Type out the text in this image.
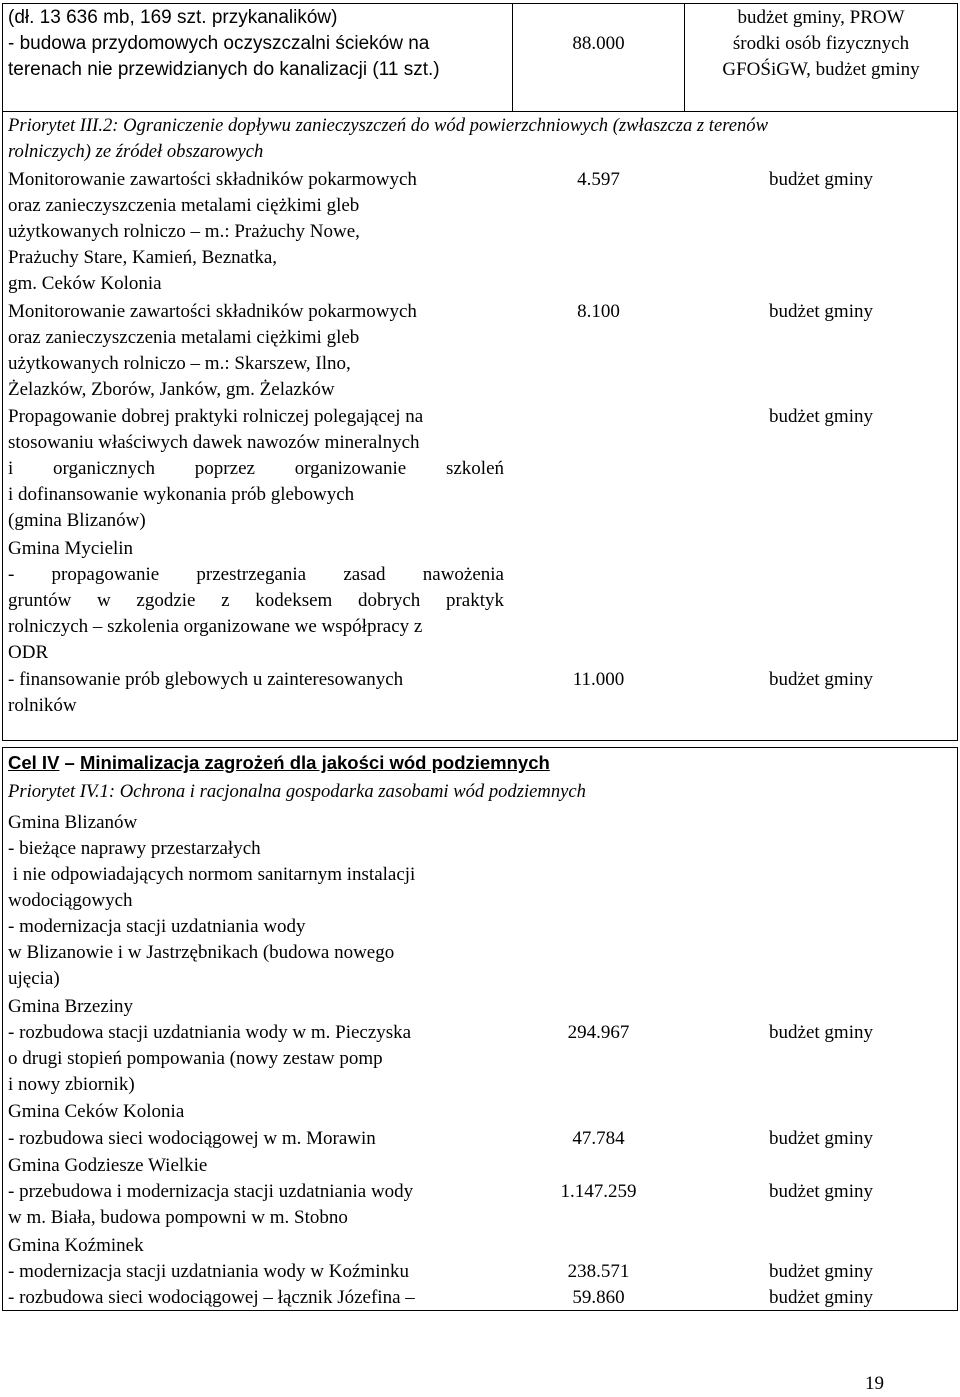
(dł. 13 636 mb, 169 szt. przykanalików)
- budowa przydomowych oczyszczalni ścieków na
terenach nie przewidzianych do kanalizacji (11 szt.)
88.000
budżet gminy, PROW
środki osób fizycznych
GFOŚiGW, budżet gminy
Priorytet III.2: Ograniczenie dopływu zanieczyszczeń do wód powierzchniowych (zwłaszcza z terenów
rolniczych) ze źródeł obszarowych
Monitorowanie zawartości składników pokarmowych
oraz zanieczyszczenia metalami ciężkimi gleb
użytkowanych rolniczo – m.: Prażuchy Nowe,
Prażuchy Stare, Kamień, Beznatka,
gm. Ceków Kolonia
4.597	budżet gminy
Monitorowanie zawartości składników pokarmowych
oraz zanieczyszczenia metalami ciężkimi gleb
użytkowanych rolniczo – m.: Skarszew, Ilno,
Żelazków, Zborów, Janków, gm. Żelazków
8.100	budżet gminy
Propagowanie dobrej praktyki rolniczej polegającej na
stosowaniu właściwych dawek nawozów mineralnych
i organicznych poprzez organizowanie szkoleń
i dofinansowanie wykonania prób glebowych
(gmina Blizanów)
budżet gminy
Gmina Mycielin
- propagowanie przestrzegania zasad nawożenia
gruntów w zgodzie z kodeksem dobrych praktyk
rolniczych – szkolenia organizowane we współpracy z
ODR
- finansowanie prób glebowych u zainteresowanych
rolników
11.000	budżet gminy
Cel IV – Minimalizacja zagrożeń dla jakości wód podziemnych
Priorytet IV.1: Ochrona i racjonalna gospodarka zasobami wód podziemnych
Gmina Blizanów
- bieżące naprawy przestarzałych
i nie odpowiadających normom sanitarnym instalacji
wodociągowych
- modernizacja stacji uzdatniania wody
w Blizanowie i w Jastrzębnikach (budowa nowego
ujęcia)
Gmina Brzeziny
- rozbudowa stacji uzdatniania wody w m. Pieczyska
o drugi stopień pompowania (nowy zestaw pomp
i nowy zbiornik)
294.967	budżet gminy
Gmina Ceków Kolonia
- rozbudowa sieci wodociągowej w m. Morawin	47.784	budżet gminy
Gmina Godziesze Wielkie
- przebudowa i modernizacja stacji uzdatniania wody
w m. Biała, budowa pompowni w m. Stobno
1.147.259	budżet gminy
Gmina Koźminek
- modernizacja stacji uzdatniania wody w Koźminku
- rozbudowa sieci wodociągowej – łącznik Józefina –
238.571	budżet gminy
59.860	budżet gminy
19
